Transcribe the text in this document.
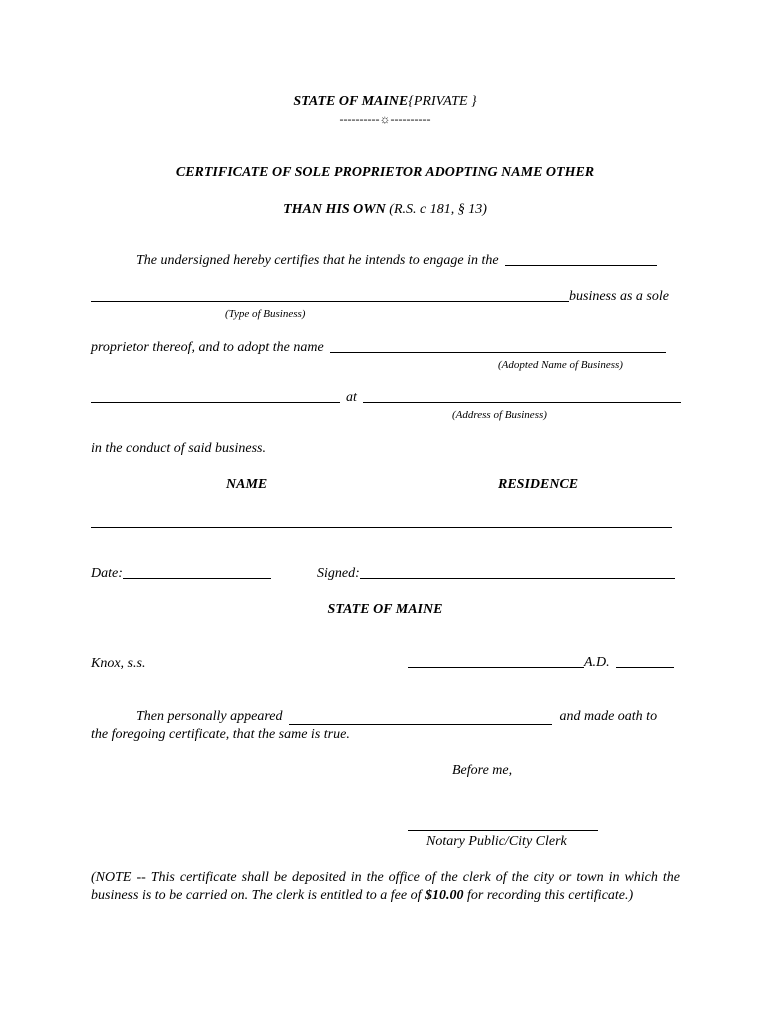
STATE OF MAINE{PRIVATE }
----------☼----------
CERTIFICATE OF SOLE PROPRIETOR ADOPTING NAME OTHER
THAN HIS OWN (R.S. c 181, § 13)
The undersigned hereby certifies that he intends to engage in the
business as a sole
(Type of Business)
proprietor thereof, and to adopt the name
(Adopted Name of Business)
at
(Address of Business)
in the conduct of said business.
NAME	RESIDENCE
Date:	Signed:
STATE OF MAINE
Knox, s.s.	A.D.
Then personally appeared	and made oath to
the foregoing certificate, that the same is true.
Before me,
Notary Public/City Clerk
(NOTE -- This certificate shall be deposited in the office of the clerk of the city or town in which the business is to be carried on. The clerk is entitled to a fee of $10.00 for recording this certificate.)
